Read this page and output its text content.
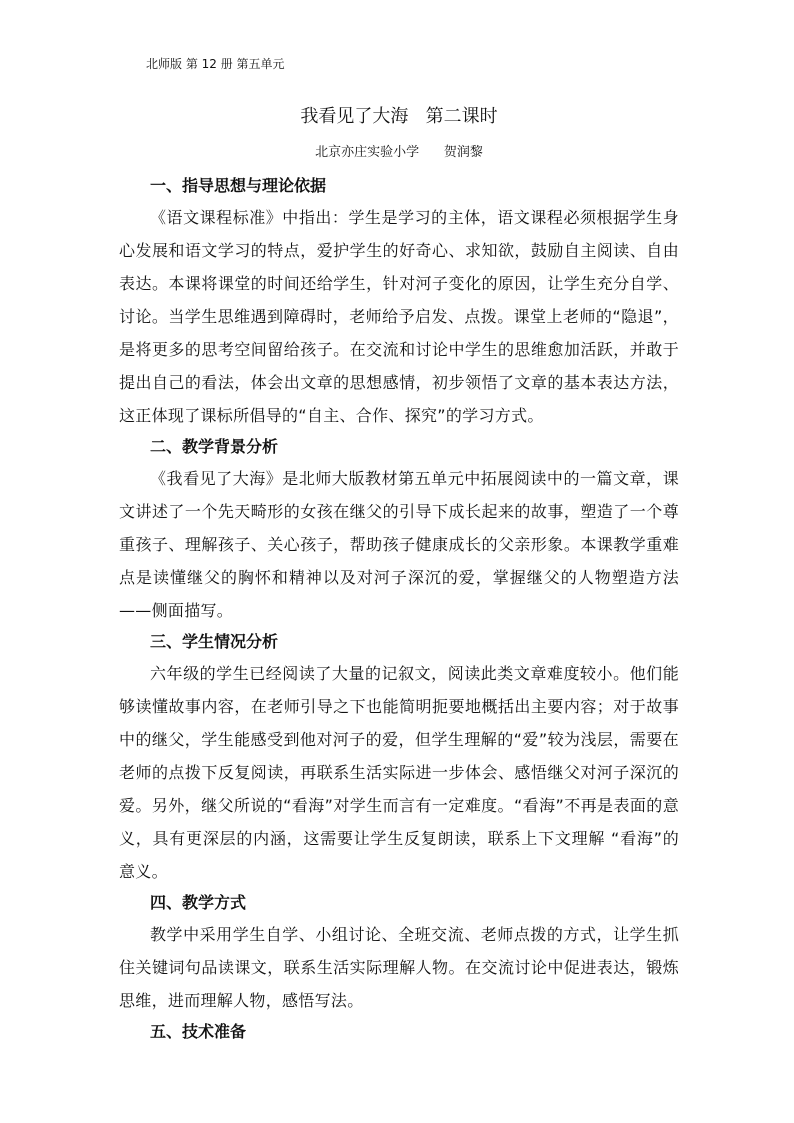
北师版 第 12 册 第五单元
我看见了大海   第二课时
北京亦庄实验小学      贺润黎

一、指导思想与理论依据

《语文课程标准》中指出：学生是学习的主体，语文课程必须根据学生身心发展和语文学习的特点，爱护学生的好奇心、求知欲，鼓励自主阅读、自由表达。本课将课堂的时间还给学生，针对河子变化的原因，让学生充分自学、讨论。当学生思维遇到障碍时，老师给予启发、点拨。课堂上老师的“隐退”，是将更多的思考空间留给孩子。在交流和讨论中学生的思维愈加活跃，并敢于提出自己的看法，体会出文章的思想感情，初步领悟了文章的基本表达方法，这正体现了课标所倡导的“自主、合作、探究”的学习方式。

二、教学背景分析

《我看见了大海》是北师大版教材第五单元中拓展阅读中的一篇文章，课文讲述了一个先天畸形的女孩在继父的引导下成长起来的故事，塑造了一个尊重孩子、理解孩子、关心孩子，帮助孩子健康成长的父亲形象。本课教学重难点是读懂继父的胸怀和精神以及对河子深沉的爱，掌握继父的人物塑造方法——侧面描写。

三、学生情况分析

六年级的学生已经阅读了大量的记叙文，阅读此类文章难度较小。他们能够读懂故事内容，在老师引导之下也能简明扼要地概括出主要内容；对于故事中的继父，学生能感受到他对河子的爱，但学生理解的“爱”较为浅层，需要在老师的点拨下反复阅读，再联系生活实际进一步体会、感悟继父对河子深沉的爱。另外，继父所说的“看海”对学生而言有一定难度。“看海”不再是表面的意义，具有更深层的内涵，这需要让学生反复朗读，联系上下文理解 “看海”的意义。

四、教学方式

教学中采用学生自学、小组讨论、全班交流、老师点拨的方式，让学生抓住关键词句品读课文，联系生活实际理解人物。在交流讨论中促进表达，锻炼思维，进而理解人物，感悟写法。

五、技术准备
